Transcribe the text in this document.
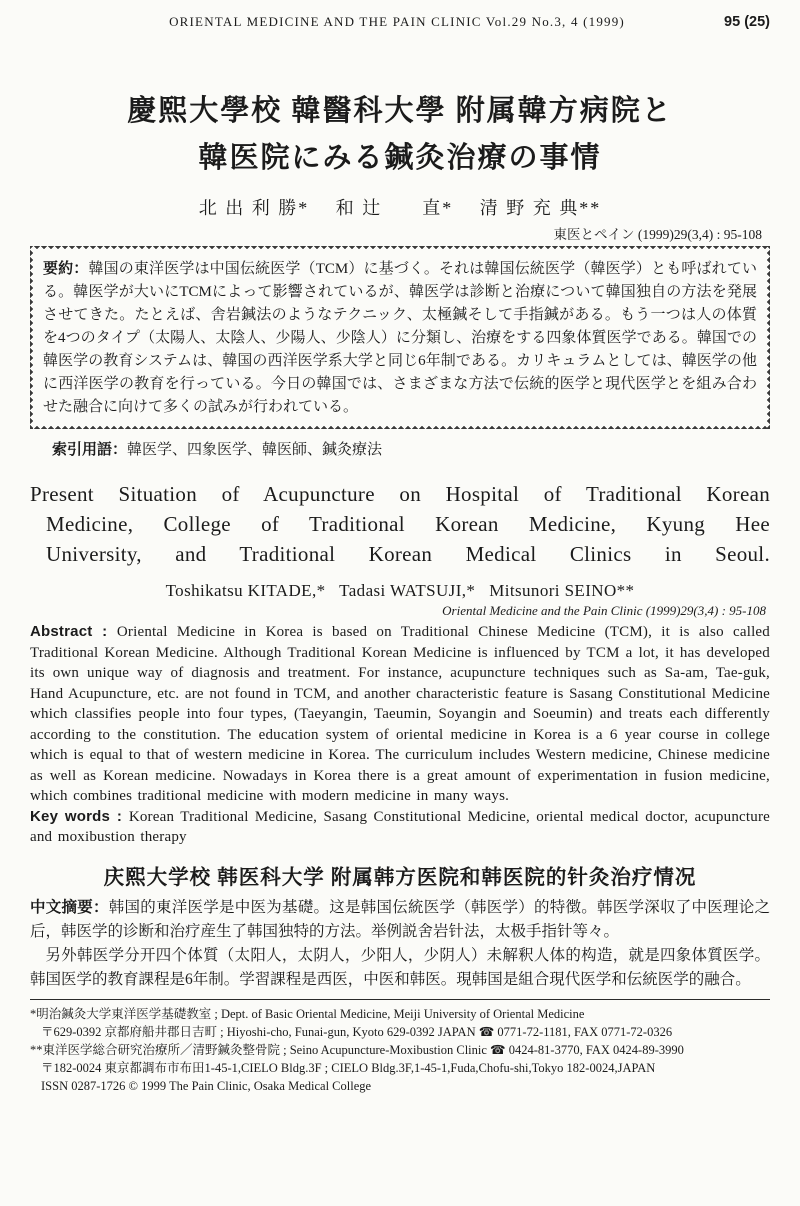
ORIENTAL MEDICINE AND THE PAIN CLINIC Vol.29 No.3, 4 (1999)	95 (25)
慶熙大學校 韓醫科大學 附属韓方病院と
韓医院にみる鍼灸治療の事情
北 出 利 勝*　 和 辻　　直*　 清 野 充 典**
東医とペイン (1999)29(3,4) : 95-108
要約：韓国の東洋医学は中国伝統医学（TCM）に基づく。それは韓国伝統医学（韓医学）とも呼ばれている。韓医学が大いにTCMによって影響されているが、韓医学は診断と治療について韓国独自の方法を発展させてきた。たとえば、舎岩鍼法のようなテクニック、太極鍼そして手指鍼がある。もう一つは人の体質を4つのタイプ（太陽人、太陰人、少陽人、少陰人）に分類し、治療をする四象体質医学である。韓国での韓医学の教育システムは、韓国の西洋医学系大学と同じ6年制である。カリキュラムとしては、韓医学の他に西洋医学の教育を行っている。今日の韓国では、さまざまな方法で伝統的医学と現代医学とを組み合わせた融合に向けて多くの試みが行われている。
索引用語：韓医学、四象医学、韓医師、鍼灸療法
Present Situation of Acupuncture on Hospital of Traditional Korean
Medicine, College of Traditional Korean Medicine, Kyung Hee
University, and Traditional Korean Medical Clinics in Seoul.
Toshikatsu KITADE,*   Tadasi WATSUJI,*   Mitsunori SEINO**
Oriental Medicine and the Pain Clinic (1999)29(3,4) : 95-108
Abstract : Oriental Medicine in Korea is based on Traditional Chinese Medicine (TCM), it is also called Traditional Korean Medicine. Although Traditional Korean Medicine is influenced by TCM a lot, it has developed its own unique way of diagnosis and treatment. For instance, acupuncture techniques such as Sa-am, Tae-guk, Hand Acupuncture, etc. are not found in TCM, and another characteristic feature is Sasang Constitutional Medicine which classifies people into four types, (Taeyangin, Taeumin, Soyangin and Soeumin) and treats each differently according to the constitution. The education system of oriental medicine in Korea is a 6 year course in college which is equal to that of western medicine in Korea. The curriculum includes Western medicine, Chinese medicine as well as Korean medicine. Nowadays in Korea there is a great amount of experimentation in fusion medicine, which combines traditional medicine with modern medicine in many ways.
Key words : Korean Traditional Medicine, Sasang Constitutional Medicine, oriental medical doctor, acupuncture and moxibustion therapy
庆熙大学校 韩医科大学 附属韩方医院和韩医院的针灸治疗情况
中文摘要：韩国的東洋医学是中医为基礎。这是韩国伝統医学（韩医学）的特徴。韩医学深収了中医理论之后，韩医学的诊断和治疗産生了韩国独特的方法。举例説舍岩针法，太极手指针等々。
另外韩医学分开四个体質（太阳人，太阴人，少阳人，少阴人）未解釈人体的构造，就是四象体質医学。韩国医学的教育課程是6年制。学習課程是西医，中医和韩医。現韩国是組合現代医学和伝統医学的融合。
*明治鍼灸大学東洋医学基礎教室 ; Dept. of Basic Oriental Medicine, Meiji University of Oriental Medicine
〒629-0392 京都府船井郡日吉町 ; Hiyoshi-cho, Funai-gun, Kyoto 629-0392 JAPAN ☎ 0771-72-1181, FAX 0771-72-0326
**東洋医学総合研究治療所／清野鍼灸整骨院 ; Seino Acupuncture-Moxibustion Clinic ☎ 0424-81-3770, FAX 0424-89-3990
〒182-0024 東京都調布市布田1-45-1,CIELO Bldg.3F ; CIELO Bldg.3F,1-45-1,Fuda,Chofu-shi,Tokyo 182-0024,JAPAN
ISSN 0287-1726 © 1999 The Pain Clinic, Osaka Medical College
